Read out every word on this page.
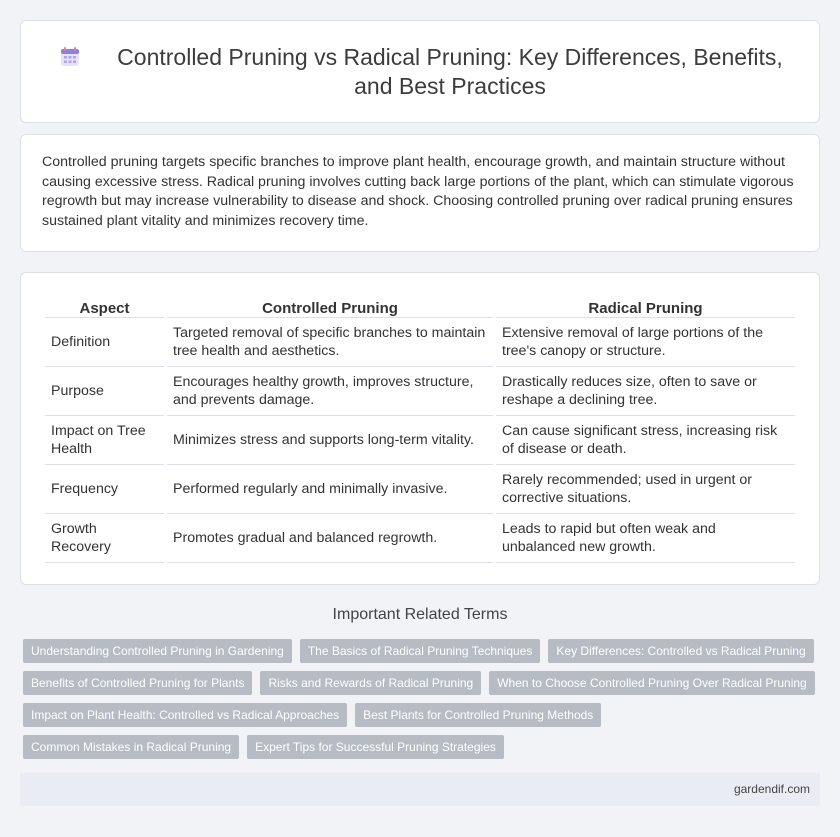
Controlled Pruning vs Radical Pruning: Key Differences, Benefits, and Best Practices

Controlled pruning targets specific branches to improve plant health, encourage growth, and maintain structure without causing excessive stress. Radical pruning involves cutting back large portions of the plant, which can stimulate vigorous regrowth but may increase vulnerability to disease and shock. Choosing controlled pruning over radical pruning ensures sustained plant vitality and minimizes recovery time.

Aspect	Controlled Pruning	Radical Pruning
Definition	Targeted removal of specific branches to maintain tree health and aesthetics.	Extensive removal of large portions of the tree's canopy or structure.
Purpose	Encourages healthy growth, improves structure, and prevents damage.	Drastically reduces size, often to save or reshape a declining tree.
Impact on Tree Health	Minimizes stress and supports long-term vitality.	Can cause significant stress, increasing risk of disease or death.
Frequency	Performed regularly and minimally invasive.	Rarely recommended; used in urgent or corrective situations.
Growth Recovery	Promotes gradual and balanced regrowth.	Leads to rapid but often weak and unbalanced new growth.
Important Related Terms
Understanding Controlled Pruning in Gardening	The Basics of Radical Pruning Techniques	Key Differences: Controlled vs Radical Pruning
Benefits of Controlled Pruning for Plants	Risks and Rewards of Radical Pruning	When to Choose Controlled Pruning Over Radical Pruning
Impact on Plant Health: Controlled vs Radical Approaches	Best Plants for Controlled Pruning Methods
Common Mistakes in Radical Pruning	Expert Tips for Successful Pruning Strategies
gardendif.com
